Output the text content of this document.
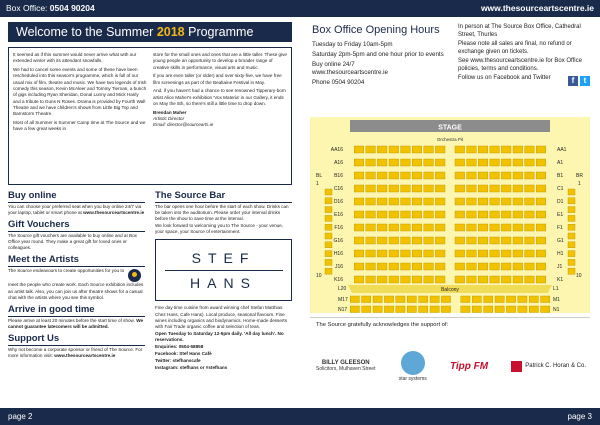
Box Office: 0504 90204
Welcome to the Summer 2018 Programme

It seemed as if this summer would never arrive what with our extended winter with its attendant snowfalls.

We had to cancel some events and some of these have been rescheduled into this season's programme, which is full of our usual mix of film, theatre and music. We have two legends of Irish comedy this season, Kevin McAleer and Tommy Tiernan, a bunch of gigs including Ryan Sheridan, Donal Lunny and Mick Hanly and a tribute to Guns N Roses. Drama is provided by Fourth Wall Theatre and we have children's shows from Little Big Top and Barnstorm Theatre.

Most of all Summer is Summer Camp time at The Source and we have a few great weeks in

store for the small ones and ones that are a little taller. These give young people an opportunity to develop a broader range of creative skills in performance, visual arts and music.

If you are even taller (or older) and over sixty-five, we have free film screenings as part of the Bealtaine Festival in May.

And, if you haven't had a chance to see renowned Tipperary-born artist Alice Maher's exhibition 'Vox Materia' in our Gallery, it ends on May the 5th, so there's still a little time to drop down.

Brendan Maher
Artistic Director
Email: director@sourcearts.ie
Buy online
You can choose your preferred seat when you buy online 24/7 via your laptop, tablet or smart phone at www.thesourceartscentre.ie
Gift Vouchers
The Source gift vouchers are available to buy online and at Box Office year round. They make a great gift for loved ones or colleagues.
Meet the Artists
The Source endeavours to create opportunities for you to
meet the people who create work. Each Source exhibition includes an artist talk. Also, you can join us after theatre shows for a casual chat with the artists where you see this symbol.
Arrive in good time
Please arrive at least 20 minutes before the start time of show. We cannot guarantee latecomers will be admitted.
Support Us
Why not become a corporate sponsor or friend of The Source. For more information visit: www.thesourceartscentre.ie
The Source Bar
The bar opens one hour before the start of each show. Drinks can be taken into the auditorium. Please order your interval drinks before the show to save time at the interval.
We look forward to welcoming you to The Source - your venue, your space, your Source of entertainment.
STEF
HANS
Fine day time cuisine from award winning chef Stefan Matthias Chez Hans, Cafe Hans). Local produce, seasonal flavours. Fine wines including organics and biodynamics. Home-made desserts with Fair Trade organic coffee and selection of teas.
Open Tuesday to Saturday 12-5pm daily. 'All day lunch'. No reservations.
Enquiries: 0504-58858
Facebook: Stef Hans Café
Twitter: stefhanscafe
Instagram: stefhans or #stefhans
page 2
www.thesourceartscentre.ie
Box Office Opening Hours
Tuesday to Friday 10am-5pm
Saturday 2pm-5pm and one hour prior to events
Buy online 24/7
www.thesourceartscentre.ie
Phone 0504 90204
In person at The Source Box Office, Cathedral Street, Thurles
Please note all sales are final, no refund or exchange given on tickets.
See www.thesourceartscentre.ie for Box Office policies, terms and conditions.
Follow us on Facebook and Twitter	f	t
STAGE
Orchestra Pit
AA16
A16
B16
C16
D16
E16
F16
G16
H16
J16
K16
AA1
A1
B1
C1
D1
E1
F1
G1
H1
J1
K1
BL
1
10
BR
1
10
L20	L1
M17	M1
N17	N1
Balcony
The Source gratefully acknowledges the support of:
BILLY GLEESON
Solicitors, Mulhaven Street
star systems
Tipp FM	Patrick C. Horan & Co.
page 3
